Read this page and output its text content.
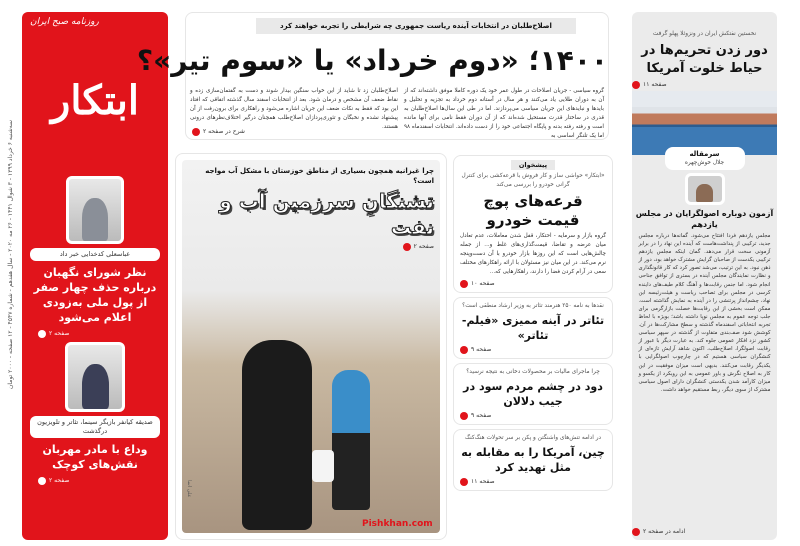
روزنامه صبح ایران
ابتکار
سه‌شنبه ۶ خرداد ۱۳۹۹ - ۳ شوال ۱۴۴۱ - ۲۶ مه ۲۰۲۰ - سال هفدهم - شماره ۴۵۴۷ - ۱۲ صفحه - ۲۰۰۰ تومان
عباسعلی کدخدایی خبر داد
نظر شورای نگهبان درباره حذف چهار صفر از پول ملی به‌زودی اعلام می‌شود
صفحه ۲
صدیقه کیانفر بازیگر سینما، تئاتر و تلویزیون درگذشت
وداع با مادر مهربان نقش‌های کوچک
صفحه ۲
اصلاح‌طلبان در انتخابات آینده ریاست جمهوری چه شرایطی را تجربه خواهند کرد
۱۴۰۰؛ «دوم خرداد» یا «سوم تیر»؟
گروه سیاسی - جریان اصلاحات در طول عمر خود یک دوره کاملا موفق داشته‌اند که از آن به دوران طلایی یاد می‌کنند و هر سال در آستانه دوم خرداد به تجزیه و تحلیل و بایدها و نبایدهای این جریان سیاسی می‌پردازند. اما در طی این سال‌ها اصلاح‌طلبان به قدری در ساختار قدرت مستحیل شده‌اند که از آن دوران فقط نامی برای آنها مانده است و رفته رفته بدنه و پایگاه اجتماعی خود را از دست داده‌اند. انتخابات اسفندماه ۹۸ اما یک تلنگر اساسی به
اصلاح‌طلبان زد تا شاید از این خواب سنگین بیدار شوند و دست به گفتمان‌سازی زده و نقاط ضعف آن مشخص و درمان شود. بعد از انتخابات اسفند سال گذشته اتفاقی که افتاد این بود که فقط به نکات ضعف این جریان اشاره می‌شود و راهکاری برای برون‌رفت از آن پیشنهاد نشده و نخبگان و تئوری‌پردازان اصلاح‌طلب همچنان درگیر اختلاف‌نظرهای درونی هستند.
شرح در صفحه ۲
چرا غیزانیه همچون بسیاری از مناطق خوزستان با مشکل آب مواجه است؟
تشنگانِ سرزمین آب و نفت
صفحه ۲
Pishkhan.com
علی اسا
پیشخوان
«ابتکار» حواشی ساز و کار فروش با قرعه‌کشی برای کنترل گرانی خودرو را بررسی می‌کند
قرعه‌های پوچ قیمت خودرو
گروه بازار و سرمایه - احتکار، قفل شدن معاملات، عدم تعادل میان عرضه و تقاضا، قیمت‌گذاری‌های غلط و... از جمله چالش‌هایی است که این روزها بازار خودرو با آن دست‌وپنجه نرم می‌کند. در این میان نیز مسئولان با ارائه راهکارهای مختلف سعی در آرام کردن فضا را دارند، راهکارهایی که...
صفحه ۱۰
نقدها به نامه ۲۵۰ هنرمند تئاتر به وزیر ارشاد منطقی است؟
تئاتر در آینه ممیزی «فیلم-تئاتر»
صفحه ۹
چرا ماجرای مالیات بر محصولات دخانی به نتیجه نرسید؟
دود در چشم مردم سود در جیب دلالان
صفحه ۹
در ادامه تنش‌های واشنگتن و پکن بر سر تحولات هنگ‌کنگ
چین، آمریکا را به مقابله به مثل تهدید کرد
صفحه ۱۱
نخستین نفتکش ایران در ونزوئلا پهلو گرفت
دور زدن تحریم‌ها در حیاط خلوت آمریکا
صفحه ۱۱
سرمقاله
جلال خوش‌چهره
آزمون دوباره اصولگرایان در مجلس یازدهم
مجلس یازدهم فردا افتتاح می‌شود. گمانه‌ها درباره مجلس جدید، ترکیبی از پنداشت‌هاست که آینده این نهاد را در برابر آزمونی سخت قرار می‌دهد. گمان اینکه مجلس یازدهم ترکیبی یکدست از صاحبان گرایش مشترک خواهد بود، دور از ذهن نبود. به این ترتیب، می‌شد تصور کرد که کار قانونگذاری و نظارت نمایندگان مجلس آینده در بستری از توافق جناحی انجام شود. اما جنس رقابت‌ها و آهنگ کلام طیف‌های داینده کرسی در مجلس برای تصاحب ریاست و هیئت‌رئیسه این نهاد، چشم‌انداز پرتنشی را در آینده به نمایش گذاشته است. ممکن است بخشی از این رقابت‌ها خصلت بازارگرمی برای جلب توجه عموم به مجلس نوپا داشته باشد؛ بویژه با لحاظ تجربه انتخاباتی اسفندماه گذشته و سطح مشارکت‌ها در آن. کوشش شود صف‌بندی متفاوت از گذشته در سپهر سیاسی کشور نزد افکار عمومی جلوه کند. به عبارت دیگر با عبور از رقابت اصولگرا، اصلاح‌طلب، اکنون شاهد آرایش تازه‌ای از کنشگران سیاسی هستیم که در چارچوب اصولگرایی با یکدیگر رقابت می‌کنند. بدیهی است میزان موفقیت در این کار به اصلاح نگرش و باور عمومی به این رویکرد از یکسو و میزان کارآمد شدن یکدستی کنشگران دارای اصول سیاسی مشترک از سوی دیگر، ربط مستقیم خواهد داشت.
ادامه در صفحه ۲
